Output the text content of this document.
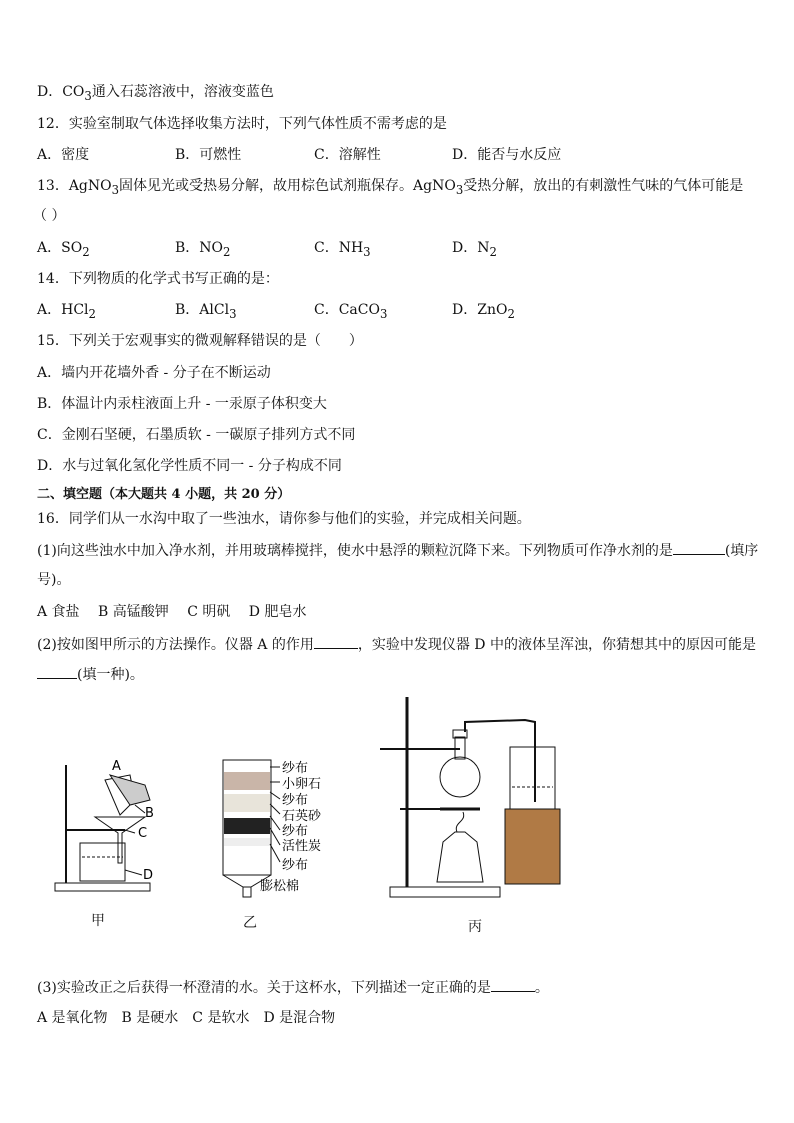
D．$CO_3$通入石蕊溶液中，溶液变蓝色
12．实验室制取气体选择收集方法时，下列气体性质不需考虑的是
A．密度	B．可燃性	C．溶解性	D．能否与水反应
13．AgNO$_3$固体见光或受热易分解，故用棕色试剂瓶保存。AgNO$_3$受热分解，放出的有刺激性气味的气体可能是
（ ）
A．$SO_2$	B．$NO_2$	C．$NH_3$	D．$N_2$
14．下列物质的化学式书写正确的是：
A．HCl$_2$	B．AlCl$_3$	C．CaCO$_3$	D．ZnO$_2$
15．下列关于宏观事实的微观解释错误的是（　　）
A．墙内开花墙外香 - 分子在不断运动
B．体温计内汞柱液面上升 - 一汞原子体积变大
C．金刚石坚硬，石墨质软 - 一碳原子排列方式不同
D．水与过氧化氢化学性质不同一 - 分子构成不同
二、填空题（本大题共 4 小题，共 20 分）
16．同学们从一水沟中取了一些浊水，请你参与他们的实验，并完成相关问题。
(1)向这些浊水中加入净水剂，并用玻璃棒搅拌，使水中悬浮的颗粒沉降下来。下列物质可作净水剂的是	(填序
号)。
A 食盐　 B 高锰酸钾　 C 明矾　 D 肥皂水
(2)按如图甲所示的方法操作。仪器 A 的作用	，实验中发现仪器 D 中的液体呈浑浊，你猜想其中的原因可能是
(填一种)。
A
B
C
D
甲
纱布
小卵石
纱布
石英砂
纱布
活性炭
纱布
膨松棉
乙	丙
(3)实验改正之后获得一杯澄清的水。关于这杯水，下列描述一定正确的是	。
A 是氧化物　B 是硬水　C 是软水　D 是混合物
